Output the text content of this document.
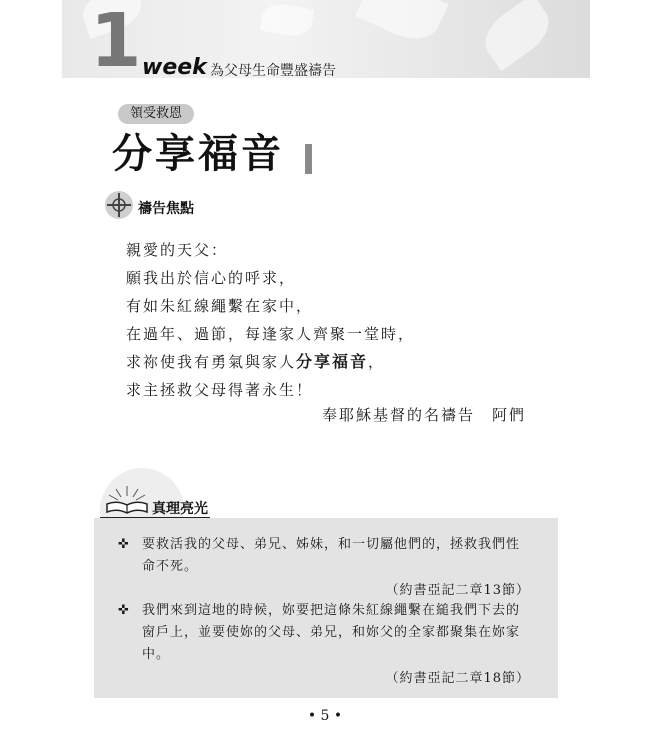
1 week 為父母生命豐盛禱告
領受救恩
分享福音
禱告焦點
親愛的天父：
願我出於信心的呼求，
有如朱紅線繩繫在家中，
在過年、過節，每逢家人齊聚一堂時，
求祢使我有勇氣與家人分享福音，
求主拯救父母得著永生！
奉耶穌基督的名禱告　阿們
真理亮光
✜ 要救活我的父母、弟兄、姊妹，和一切屬他們的，拯救我們性命不死。
（約書亞記二章13節）
✜ 我們來到這地的時候，妳要把這條朱紅線繩繫在縋我們下去的窗戶上，並要使妳的父母、弟兄，和妳父的全家都聚集在妳家中。
（約書亞記二章18節）
• 5 •
